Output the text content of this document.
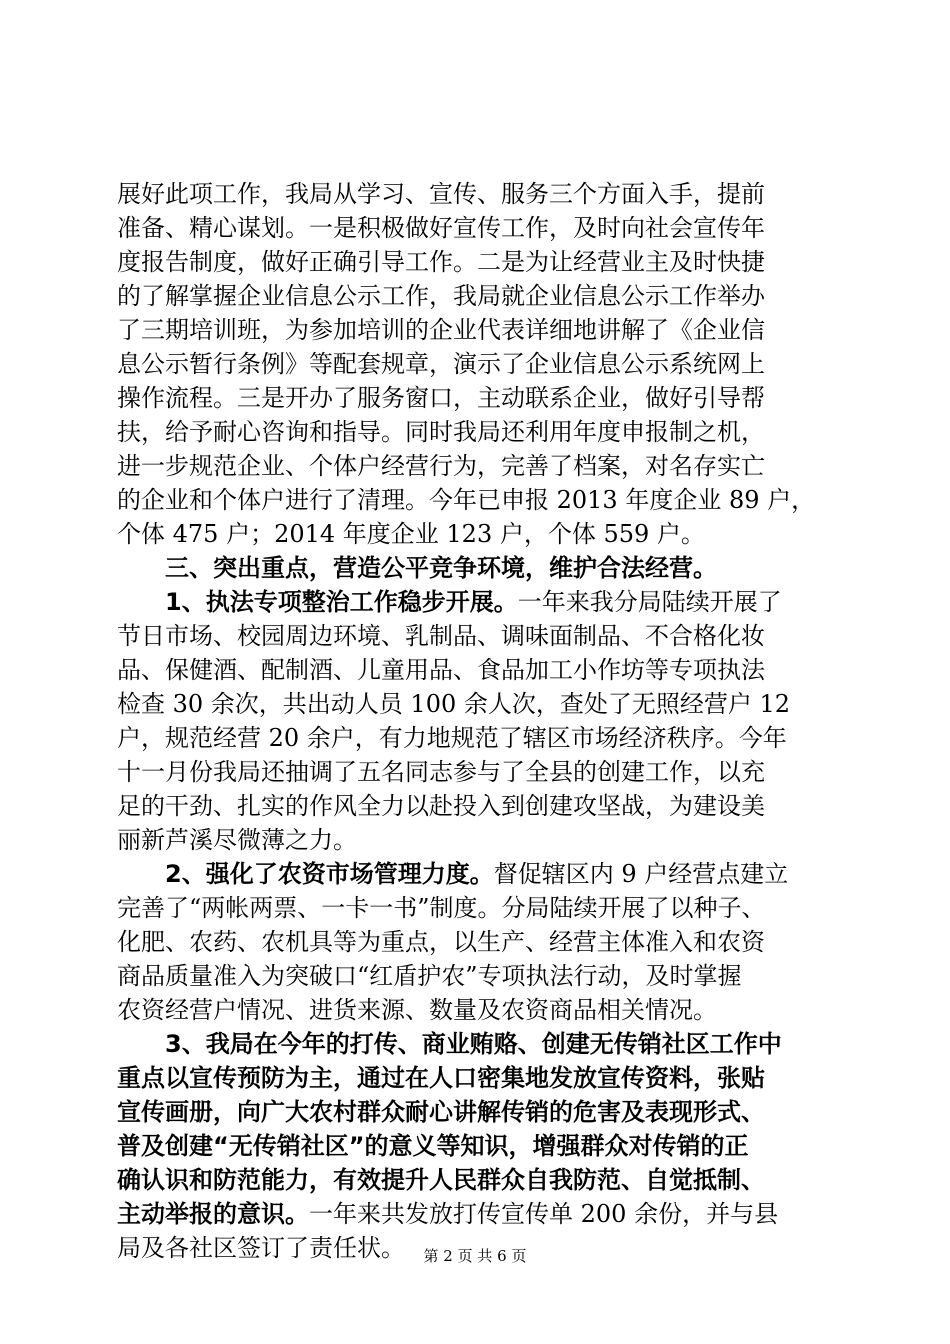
展好此项工作，我局从学习、宣传、服务三个方面入手，提前
准备、精心谋划。一是积极做好宣传工作，及时向社会宣传年
度报告制度，做好正确引导工作。二是为让经营业主及时快捷
的了解掌握企业信息公示工作，我局就企业信息公示工作举办
了三期培训班，为参加培训的企业代表详细地讲解了《企业信
息公示暂行条例》等配套规章，演示了企业信息公示系统网上
操作流程。三是开办了服务窗口，主动联系企业，做好引导帮
扶，给予耐心咨询和指导。同时我局还利用年度申报制之机，
进一步规范企业、个体户经营行为，完善了档案，对名存实亡
的企业和个体户进行了清理。今年已申报 2013 年度企业 89 户，
个体 475 户；2014 年度企业 123 户，个体 559 户。
三、突出重点，营造公平竞争环境，维护合法经营。
1、执法专项整治工作稳步开展。一年来我分局陆续开展了
节日市场、校园周边环境、乳制品、调味面制品、不合格化妆
品、保健酒、配制酒、儿童用品、食品加工小作坊等专项执法
检查 30 余次，共出动人员 100 余人次，查处了无照经营户 12
户，规范经营 20 余户，有力地规范了辖区市场经济秩序。今年
十一月份我局还抽调了五名同志参与了全县的创建工作，以充
足的干劲、扎实的作风全力以赴投入到创建攻坚战，为建设美
丽新芦溪尽微薄之力。
2、强化了农资市场管理力度。督促辖区内 9 户经营点建立
完善了“两帐两票、一卡一书”制度。分局陆续开展了以种子、
化肥、农药、农机具等为重点，以生产、经营主体准入和农资
商品质量准入为突破口“红盾护农”专项执法行动，及时掌握
农资经营户情况、进货来源、数量及农资商品相关情况。
3、我局在今年的打传、商业贿赂、创建无传销社区工作中
重点以宣传预防为主，通过在人口密集地发放宣传资料，张贴
宣传画册，向广大农村群众耐心讲解传销的危害及表现形式、
普及创建“无传销社区”的意义等知识，增强群众对传销的正
确认识和防范能力，有效提升人民群众自我防范、自觉抵制、
主动举报的意识。一年来共发放打传宣传单 200 余份，并与县
局及各社区签订了责任状。	第 2 页 共 6 页
